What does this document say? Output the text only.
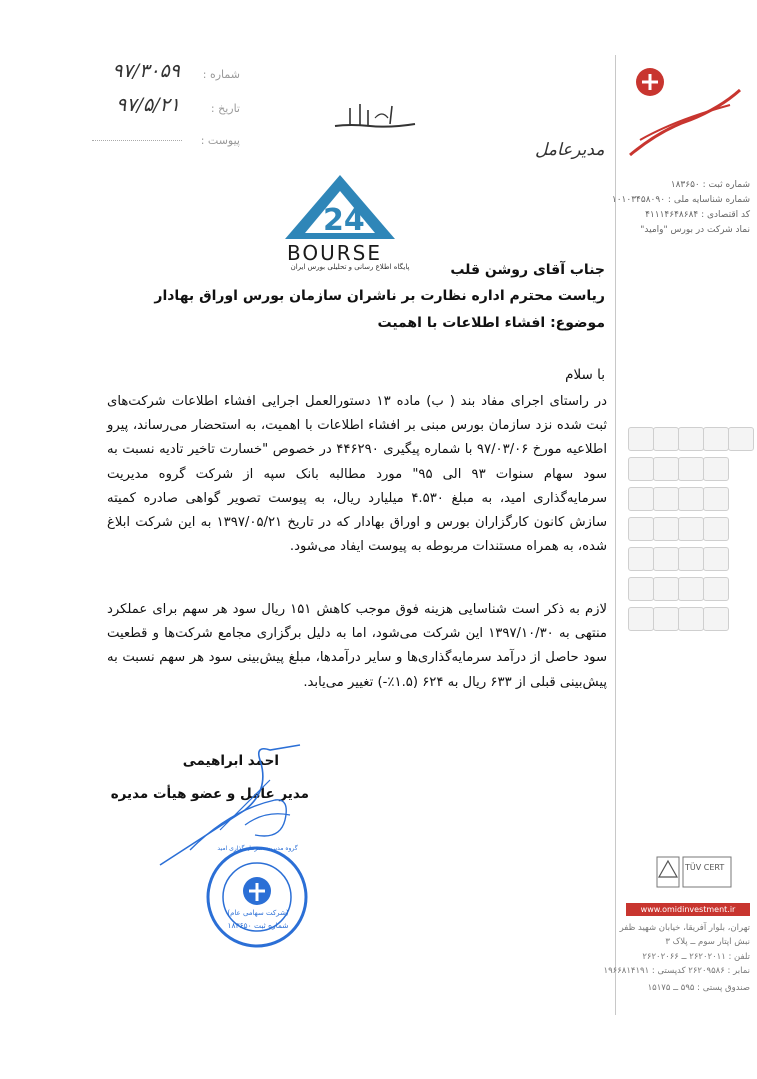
شماره :
۹۷/۳۰۵۹
تاریخ :
۹۷/۵/۲۱
پیوست :	مدیرعامل
24
BOURSE
پایگاه اطلاع رسانی و تحلیلی بورس ایران	جناب آقای روشن قلب
ریاست محترم اداره نظارت بر ناشران سازمان بورس اوراق بهادار
موضوع: افشاء اطلاعات با اهمیت
با سلام
در راستای اجرای مفاد بند ( ب) ماده ۱۳ دستورالعمل اجرایی افشاء اطلاعات شرکت‌های ثبت شده نزد سازمان بورس مبنی بر افشاء اطلاعات با اهمیت، به استحضار می‌رساند، پیرو اطلاعیه مورخ ۹۷/۰۳/۰۶ با شماره پیگیری ۴۴۶۲۹۰ در خصوص "خسارت تاخیر تادیه نسبت به سود سهام سنوات ۹۳ الی ۹۵" مورد مطالبه بانک سپه از شرکت گروه مدیریت سرمایه‌گذاری امید، به مبلغ ۴.۵۳۰ میلیارد ریال، به پیوست تصویر گواهی صادره کمیته سازش کانون کارگزاران بورس و اوراق بهادار که در تاریخ ۱۳۹۷/۰۵/۲۱ به این شرکت ابلاغ شده، به همراه مستندات مربوطه به پیوست ایفاد می‌شود.
لازم به ذکر است شناسایی هزینه فوق موجب کاهش ۱۵۱ ریال سود هر سهم برای عملکرد منتهی به ۱۳۹۷/۱۰/۳۰ این شرکت می‌شود، اما به دلیل برگزاری مجامع شرکت‌ها و قطعیت سود حاصل از درآمد سرمایه‌گذاری‌ها و سایر درآمدها، مبلغ پیش‌بینی سود هر سهم نسبت به پیش‌بینی قبلی از ۶۳۳ ریال به ۶۲۴ (۱.۵٪-) تغییر می‌یابد.
احمد ابراهیمی
مدیر عامل و عضو هیأت مدیره
گروه مدیریت سرمایه‌گذاری امید
(شرکت سهامی عام)
شماره ثبت ۱۸۳۶۵۰
شماره ثبت : ۱۸۳۶۵۰
شماره شناسایه ملی : ۱۰۱۰۳۴۵۸۰۹۰
کد اقتصادی : ۴۱۱۱۴۶۴۸۶۸۴
نماد شرکت در بورس "وامید"
www.omidinvestment.ir
تهران، بلوار آفریقا، خیابان شهید ظفر
نبش اپتار سوم ــ پلاک ۳
تلفن : ۲۶۲۰۲۰۱۱ ــ ۲۶۲۰۲۰۶۶
نمابر : ۲۶۲۰۹۵۸۶ کدپستی : ۱۹۶۶۸۱۴۱۹۱
صندوق پستی : ۵۹۵ ــ ۱۵۱۷۵
TÜV CERT
